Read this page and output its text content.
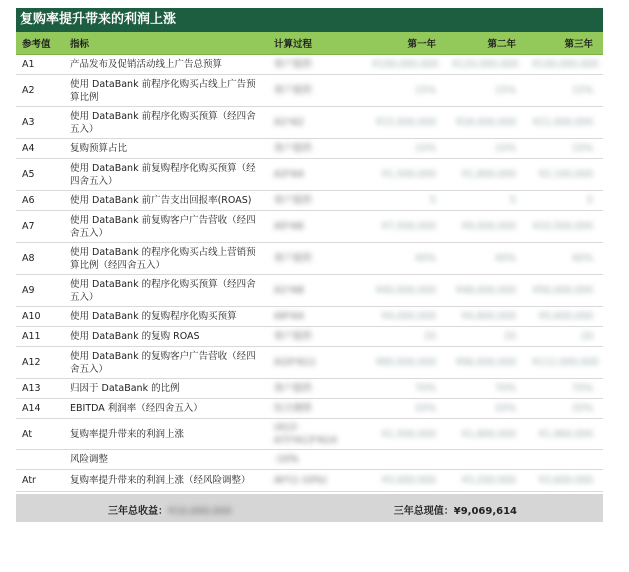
复购率提升带来的利润上涨
参考值	指标	计算过程	第一年	第二年	第三年
A1	产品发布及促销活动线上广告总预算	客户提供	¥100,000,000	¥120,000,000	¥140,000,000
A2	使用 DataBank 前程序化购买占线上广告预算比例	客户提供	15%	15%	15%
A3	使用 DataBank 前程序化购买预算（经四舍五入）	A1*A2	¥15,000,000	¥18,000,000	¥21,000,000
A4	复购预算占比	客户提供	10%	10%	10%
A5	使用 DataBank 前复购程序化购买预算（经四舍五入）	A3*A4	¥1,500,000	¥1,800,000	¥2,100,000
A6	使用 DataBank 前广告支出回报率(ROAS)	客户提供	5	5	5
A7	使用 DataBank 前复购客户广告营收（经四舍五入）	A5*A6	¥7,500,000	¥9,000,000	¥10,500,000
A8	使用 DataBank 的程序化购买占线上营销预算比例（经四舍五入）	客户提供	40%	40%	40%
A9	使用 DataBank 的程序化购买预算（经四舍五入）	A1*A8	¥40,000,000	¥48,000,000	¥56,000,000
A10	使用 DataBank 的复购程序化购买预算	A9*A4	¥4,000,000	¥4,800,000	¥5,600,000
A11	使用 DataBank 的复购 ROAS	客户提供	20	20	20
A12	使用 DataBank 的复购客户广告营收（经四舍五入）	A10*A11	¥80,000,000	¥96,000,000	¥112,000,000
A13	归因于 DataBank 的比例	客户提供	70%	70%	70%
A14	EBITDA 利润率（经四舍五入）	综合测算	20%	20%	20%
At	复购率提升带来的利润上涨	(A12-A7)*A13*A14	¥1,500,000	¥1,800,000	¥1,960,000
	风险调整	-10%			
Atr	复购率提升带来的利润上涨（经风险调整）	At*(1-10%)	¥3,000,000	¥3,200,000	¥3,600,000
三年总收益：¥10,000,000	三年总现值：¥9,069,614
